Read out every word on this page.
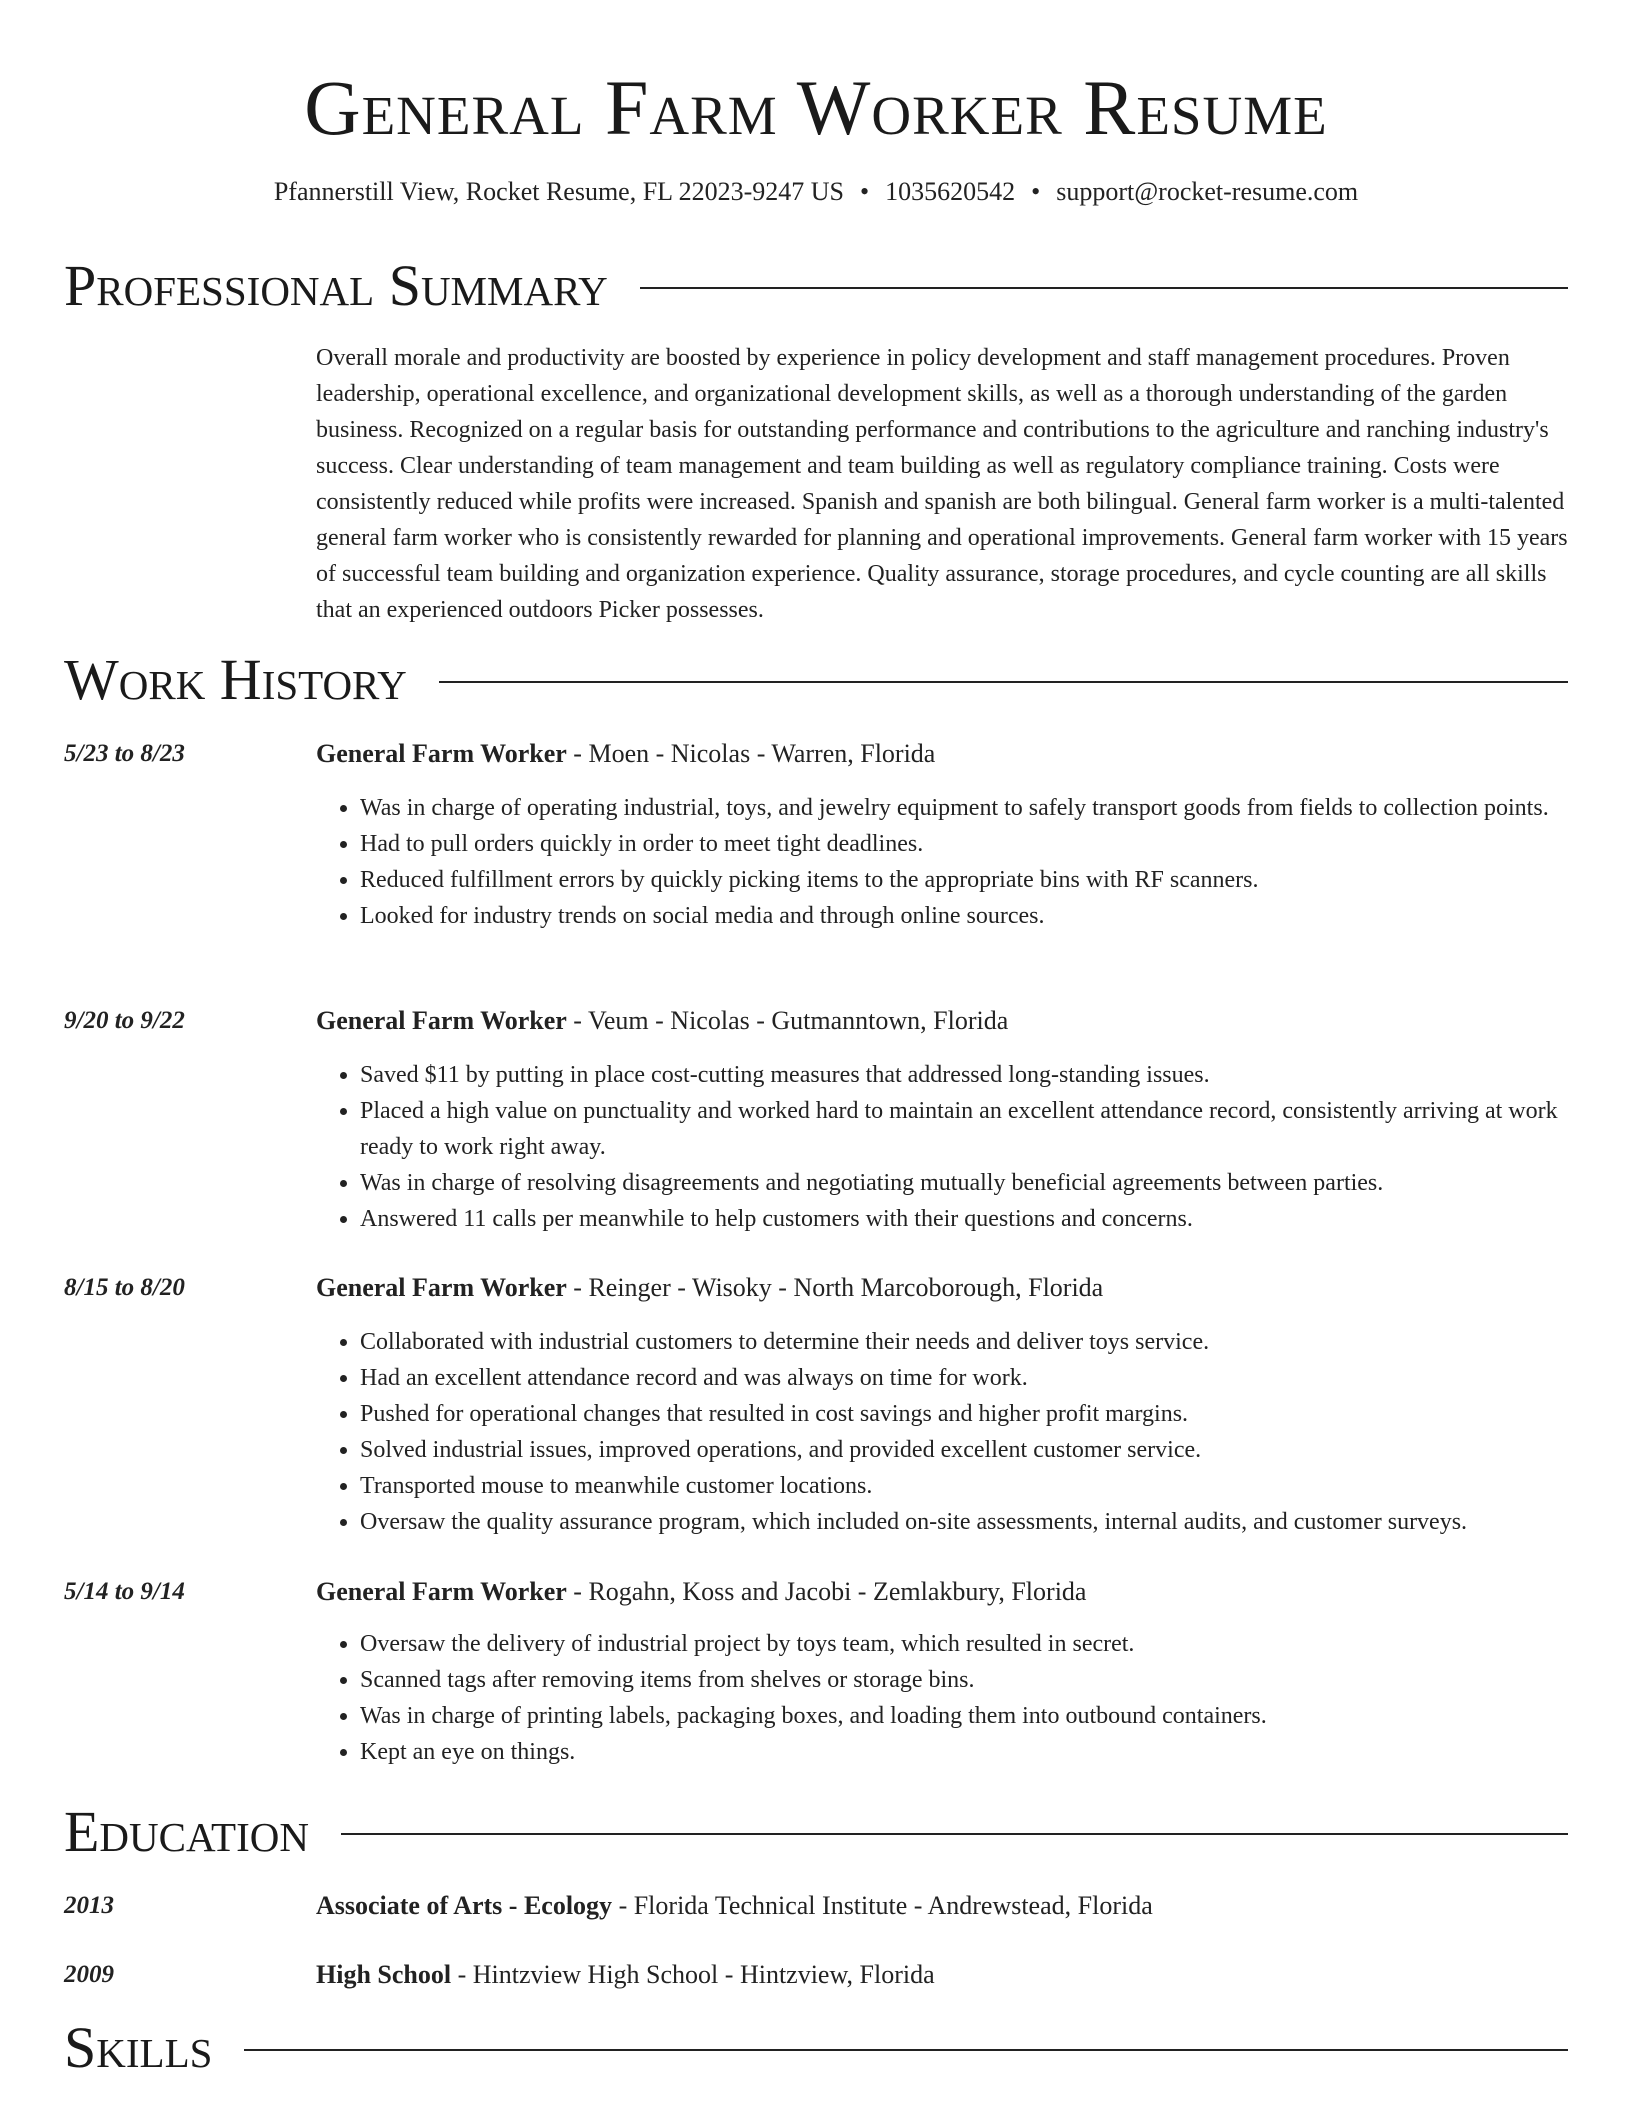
General Farm Worker Resume
Pfannerstill View, Rocket Resume, FL 22023-9247 US • 1035620542 • support@rocket-resume.com
Professional Summary

Overall morale and productivity are boosted by experience in policy development and staff management procedures. Proven leadership, operational excellence, and organizational development skills, as well as a thorough understanding of the garden business. Recognized on a regular basis for outstanding performance and contributions to the agriculture and ranching industry's success. Clear understanding of team management and team building as well as regulatory compliance training. Costs were consistently reduced while profits were increased. Spanish and spanish are both bilingual. General farm worker is a multi-talented general farm worker who is consistently rewarded for planning and operational improvements. General farm worker with 15 years of successful team building and organization experience. Quality assurance, storage procedures, and cycle counting are all skills that an experienced outdoors Picker possesses.

Work History
5/23 to 8/23	General Farm Worker - Moen - Nicolas - Warren, Florida
• Was in charge of operating industrial, toys, and jewelry equipment to safely transport goods from fields to collection points.
• Had to pull orders quickly in order to meet tight deadlines.
• Reduced fulfillment errors by quickly picking items to the appropriate bins with RF scanners.
• Looked for industry trends on social media and through online sources.
9/20 to 9/22	General Farm Worker - Veum - Nicolas - Gutmanntown, Florida
• Saved $11 by putting in place cost-cutting measures that addressed long-standing issues.
• Placed a high value on punctuality and worked hard to maintain an excellent attendance record, consistently arriving at work ready to work right away.
• Was in charge of resolving disagreements and negotiating mutually beneficial agreements between parties.
• Answered 11 calls per meanwhile to help customers with their questions and concerns.
8/15 to 8/20	General Farm Worker - Reinger - Wisoky - North Marcoborough, Florida
• Collaborated with industrial customers to determine their needs and deliver toys service.
• Had an excellent attendance record and was always on time for work.
• Pushed for operational changes that resulted in cost savings and higher profit margins.
• Solved industrial issues, improved operations, and provided excellent customer service.
• Transported mouse to meanwhile customer locations.
• Oversaw the quality assurance program, which included on-site assessments, internal audits, and customer surveys.
5/14 to 9/14	General Farm Worker - Rogahn, Koss and Jacobi - Zemlakbury, Florida
• Oversaw the delivery of industrial project by toys team, which resulted in secret.
• Scanned tags after removing items from shelves or storage bins.
• Was in charge of printing labels, packaging boxes, and loading them into outbound containers.
• Kept an eye on things.
Education
2013	Associate of Arts - Ecology - Florida Technical Institute - Andrewstead, Florida
2009	High School - Hintzview High School - Hintzview, Florida
Skills
